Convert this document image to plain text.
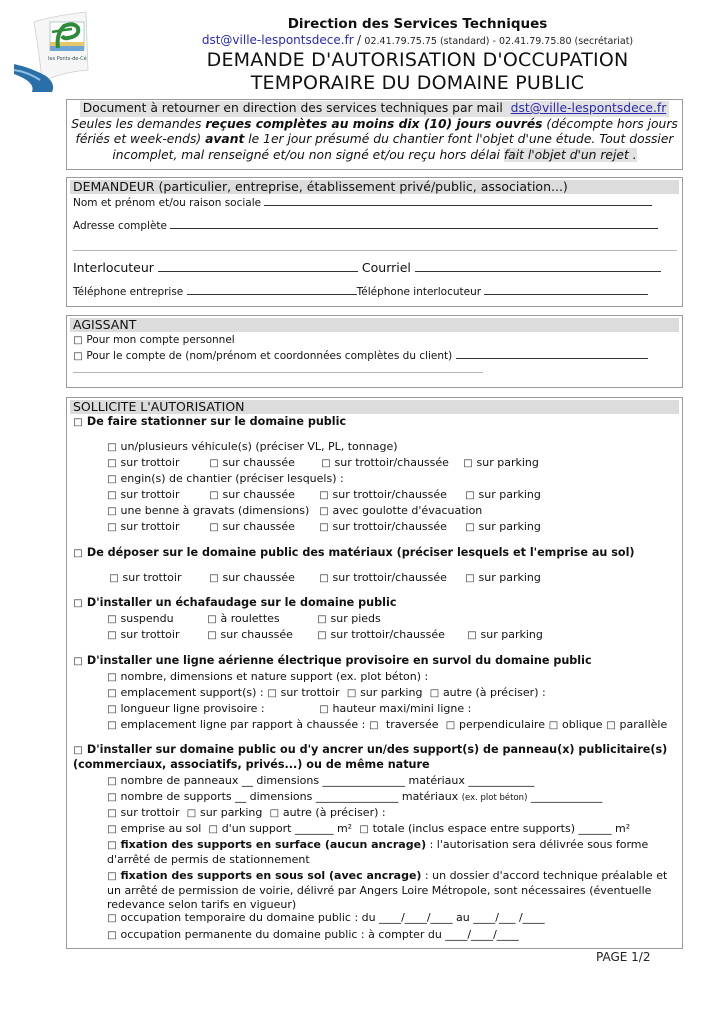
les Ponts-de-Cé
Direction des Services Techniques
dst@ville-lespontsdece.fr / 02.41.79.75.75 (standard) - 02.41.79.75.80 (secrétariat)
DEMANDE D'AUTORISATION D'OCCUPATION
TEMPORAIRE DU DOMAINE PUBLIC
Document à retourner en direction des services techniques par mail dst@ville-lespontsdece.fr
Seules les demandes reçues complètes au moins dix (10) jours ouvrés (décompte hors jours fériés et week-ends) avant le 1er jour présumé du chantier font l'objet d'une étude. Tout dossier incomplet, mal renseigné et/ou non signé et/ou reçu hors délai fait l'objet d'un rejet .
DEMANDEUR (particulier, entreprise, établissement privé/public, association...)
Nom et prénom et/ou raison sociale
Adresse complète
Interlocuteur	Courriel
Téléphone entreprise	Téléphone interlocuteur
AGISSANT
□ Pour mon compte personnel
□ Pour le compte de (nom/prénom et coordonnées complètes du client)
SOLLICITE L'AUTORISATION
□ De faire stationner sur le domaine public
□ un/plusieurs véhicule(s) (préciser VL, PL, tonnage)
□ sur trottoir	□ sur chaussée	□ sur trottoir/chaussée □ sur parking
□ engin(s) de chantier (préciser lesquels) :
□ sur trottoir	□ sur chaussée □ sur trottoir/chaussée □ sur parking
□ une benne à gravats (dimensions) □ avec goulotte d'évacuation
□ sur trottoir	□ sur chaussée □ sur trottoir/chaussée □ sur parking
□ De déposer sur le domaine public des matériaux (préciser lesquels et l'emprise au sol)
□ sur trottoir	□ sur chaussée □ sur trottoir/chaussée □ sur parking
□ D'installer un échafaudage sur le domaine public
□ suspendu	□ à roulettes	□ sur pieds
□ sur trottoir	□ sur chaussée □ sur trottoir/chaussée □ sur parking
□ D'installer une ligne aérienne électrique provisoire en survol du domaine public
□ nombre, dimensions et nature support (ex. plot béton) :
□ emplacement support(s) : □ sur trottoir □ sur parking □ autre (à préciser) :
□ longueur ligne provisoire :	□ hauteur maxi/mini ligne :
□ emplacement ligne par rapport à chaussée : □ traversée □ perpendiculaire □ oblique □ parallèle
□ D'installer sur domaine public ou d'y ancrer un/des support(s) de panneau(x) publicitaire(s)
(commerciaux, associatifs, privés...) ou de même nature
□ nombre de panneaux __ dimensions _______________ matériaux ____________
□ nombre de supports __ dimensions _______________ matériaux (ex. plot béton) _____________
□ sur trottoir □ sur parking □ autre (à préciser) :
□ emprise au sol □ d'un support _______ m² □ totale (inclus espace entre supports) ______ m²
□ fixation des supports en surface (aucun ancrage) : l'autorisation sera délivrée sous forme d'arrêté de permis de stationnement
□ fixation des supports en sous sol (avec ancrage) : un dossier d'accord technique préalable et un arrêté de permission de voirie, délivré par Angers Loire Métropole, sont nécessaires (éventuelle redevance selon tarifs en vigueur)
□ occupation temporaire du domaine public : du ____/____/____ au ____/___ /____
□ occupation permanente du domaine public : à compter du ____/____/____
PAGE 1/2
